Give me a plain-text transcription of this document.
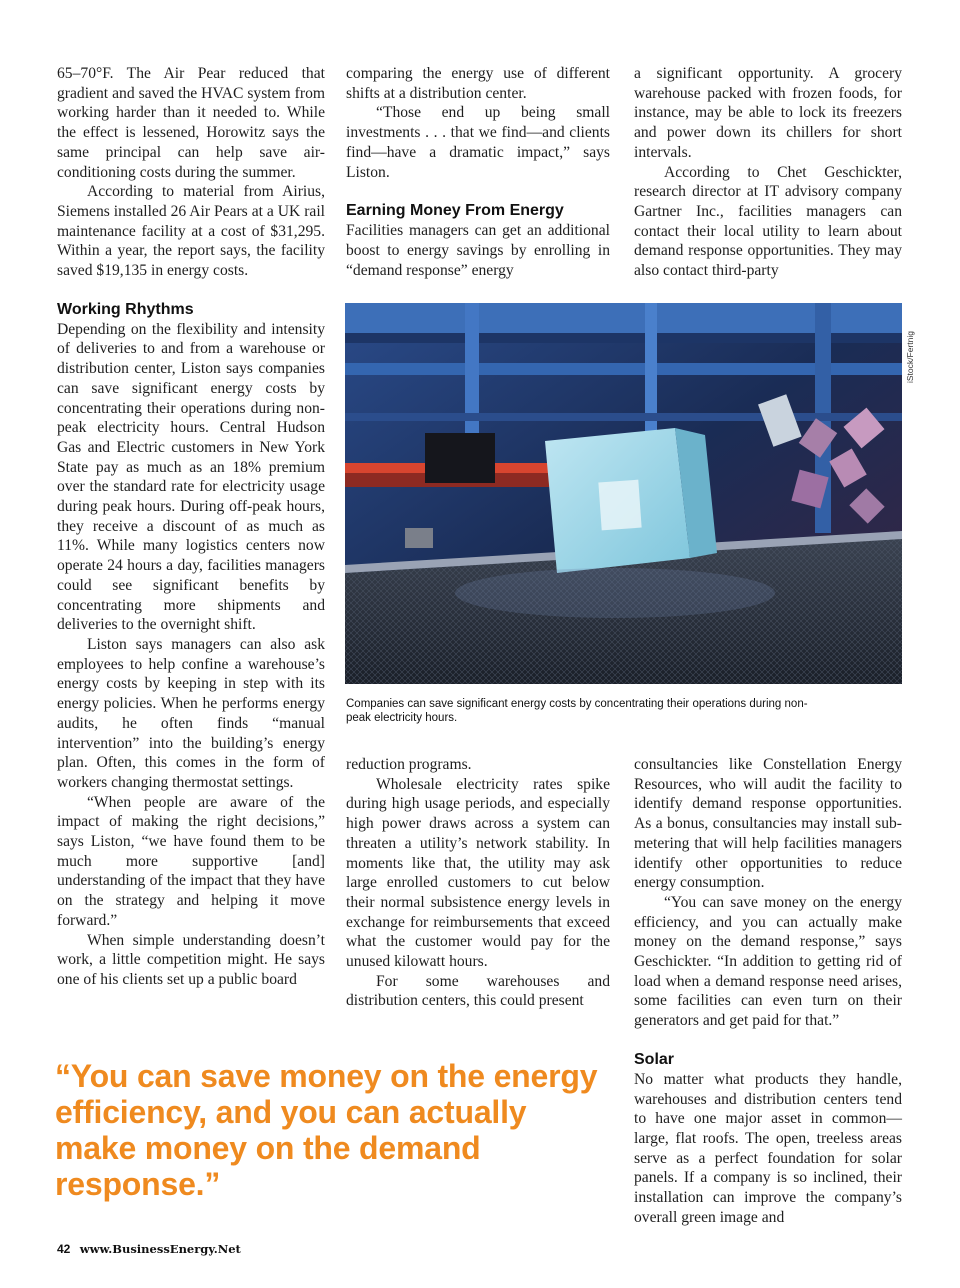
65–70°F. The Air Pear reduced that gradient and saved the HVAC system from working harder than it needed to. While the effect is lessened, Horowitz says the same principal can help save air-conditioning costs during the summer.

According to material from Airius, Siemens installed 26 Air Pears at a UK rail maintenance facility at a cost of $31,295. Within a year, the report says, the facility saved $19,135 in energy costs.

Working Rhythms

Depending on the flexibility and intensity of deliveries to and from a warehouse or distribution center, Liston says companies can save significant energy costs by concentrating their operations during non-peak electricity hours. Central Hudson Gas and Electric customers in New York State pay as much as an 18% premium over the standard rate for electricity usage during peak hours. During off-peak hours, they receive a discount of as much as 11%. While many logistics centers now operate 24 hours a day, facilities managers could see significant benefits by concentrating more shipments and deliveries to the overnight shift.

Liston says managers can also ask employees to help confine a warehouse’s energy costs by keeping in step with its energy policies. When he performs energy audits, he often finds “manual intervention” into the building’s energy plan. Often, this comes in the form of workers changing thermostat settings.

“When people are aware of the impact of making the right decisions,” says Liston, “we have found them to be much more supportive [and] understanding of the impact that they have on the strategy and helping it move forward.”

When simple understanding doesn’t work, a little competition might. He says one of his clients set up a public board

comparing the energy use of different shifts at a distribution center.

“Those end up being small investments . . . that we find—and clients find—have a dramatic impact,” says Liston.

Earning Money From Energy

Facilities managers can get an additional boost to energy savings by enrolling in “demand response” energy

a significant opportunity. A grocery warehouse packed with frozen foods, for instance, may be able to lock its freezers and power down its chillers for short intervals.

According to Chet Geschickter, research director at IT advisory company Gartner Inc., facilities managers can contact their local utility to learn about demand response opportunities. They may also contact third-party

iStock/Fertnig
Companies can save significant energy costs by concentrating their operations during non-peak electricity hours.

reduction programs.

Wholesale electricity rates spike during high usage periods, and especially high power draws across a system can threaten a utility’s network stability. In moments like that, the utility may ask large enrolled customers to cut below their normal subsistence energy levels in exchange for reimbursements that exceed what the customer would pay for the unused kilowatt hours.

For some warehouses and distribution centers, this could present

consultancies like Constellation Energy Resources, who will audit the facility to identify demand response opportunities. As a bonus, consultancies may install sub-metering that will help facilities managers identify other opportunities to reduce energy consumption.

“You can save money on the energy efficiency, and you can actually make money on the demand response,” says Geschickter. “In addition to getting rid of load when a demand response need arises, some facilities can even turn on their generators and get paid for that.”

Solar

No matter what products they handle, warehouses and distribution centers tend to have one major asset in common—large, flat roofs. The open, treeless areas serve as a perfect foundation for solar panels. If a company is so inclined, their installation can improve the company’s overall green image and

“You can save money on the energy efficiency, and you can actually make money on the demand response.”
42 www.BusinessEnergy.Net
